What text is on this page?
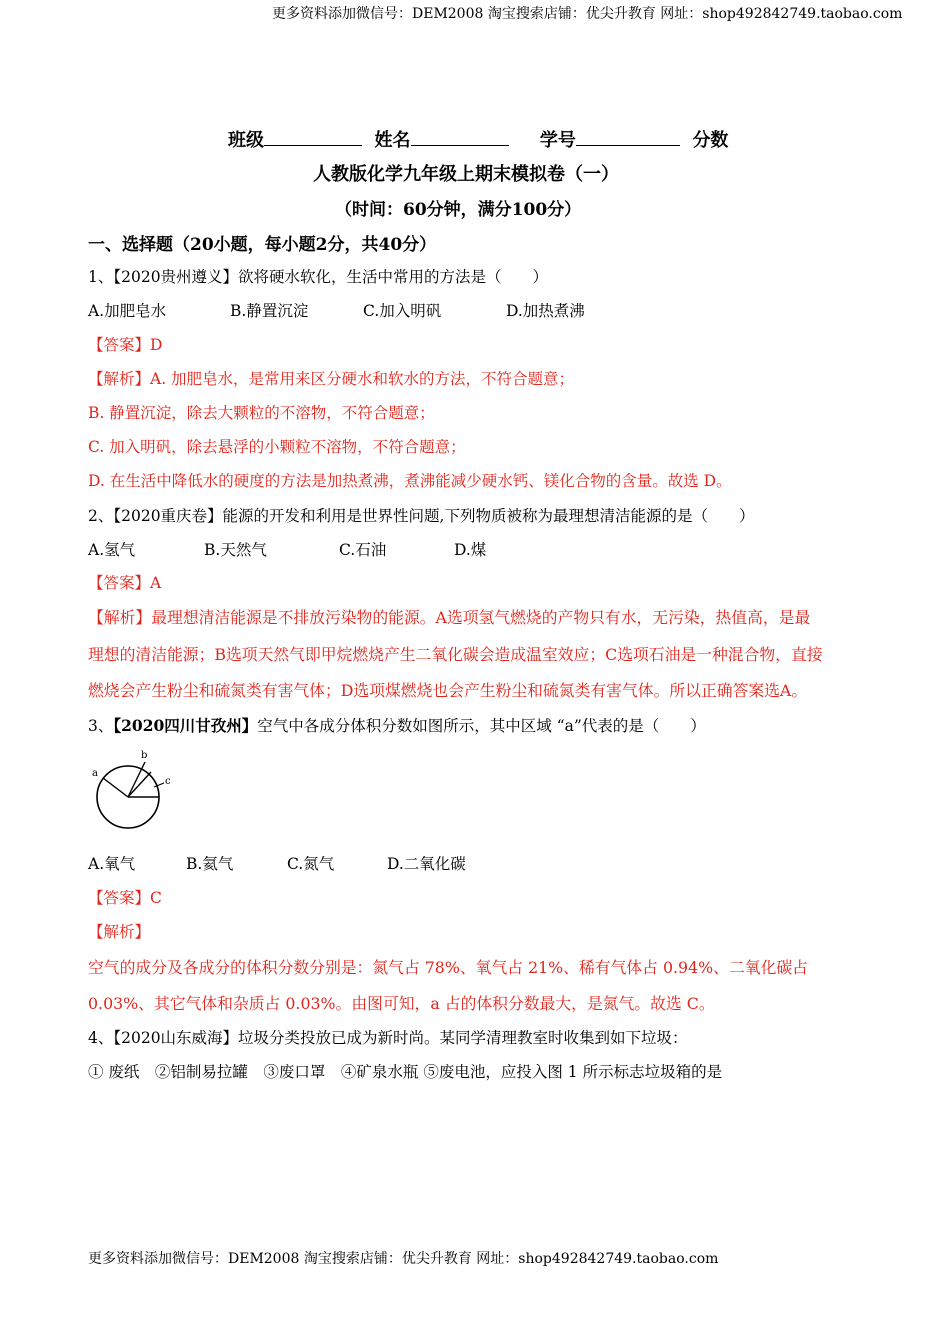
更多资料添加微信号：DEM2008 淘宝搜索店铺：优尖升教育 网址：shop492842749.taobao.com
班级	姓名	学号	分数
人教版化学九年级上期末模拟卷（一）
（时间：60分钟，满分100分）
一、选择题（20小题，每小题2分，共40分）
1、【2020贵州遵义】欲将硬水软化，生活中常用的方法是（　　）
A.加肥皂水	B.静置沉淀	C.加入明矾	D.加热煮沸
【答案】D
【解析】A. 加肥皂水，是常用来区分硬水和软水的方法，不符合题意；
B. 静置沉淀，除去大颗粒的不溶物，不符合题意；
C. 加入明矾，除去悬浮的小颗粒不溶物，不符合题意；
D. 在生活中降低水的硬度的方法是加热煮沸，煮沸能减少硬水钙、镁化合物的含量。故选 D。
2、【2020重庆卷】能源的开发和利用是世界性问题,下列物质被称为最理想清洁能源的是（　　）
A.氢气	B.天然气	C.石油	D.煤
【答案】A
【解析】最理想清洁能源是不排放污染物的能源。A选项氢气燃烧的产物只有水，无污染，热值高，是最
理想的清洁能源；B选项天然气即甲烷燃烧产生二氧化碳会造成温室效应；C选项石油是一种混合物，直接
燃烧会产生粉尘和硫氮类有害气体；D选项煤燃烧也会产生粉尘和硫氮类有害气体。所以正确答案选A。
3、【2020四川甘孜州】空气中各成分体积分数如图所示，其中区域 “a”代表的是（　　）
a
b
c
A.氧气	B.氦气	C.氮气	D.二氧化碳
【答案】C
【解析】
空气的成分及各成分的体积分数分别是：氮气占 78%、氧气占 21%、稀有气体占 0.94%、二氧化碳占
0.03%、其它气体和杂质占 0.03%。由图可知，a 占的体积分数最大，是氮气。故选 C。
4、【2020山东威海】垃圾分类投放已成为新时尚。某同学清理教室时收集到如下垃圾：
① 废纸　②铝制易拉罐　③废口罩　④矿泉水瓶 ⑤废电池，应投入图 1 所示标志垃圾箱的是
更多资料添加微信号：DEM2008 淘宝搜索店铺：优尖升教育 网址：shop492842749.taobao.com
